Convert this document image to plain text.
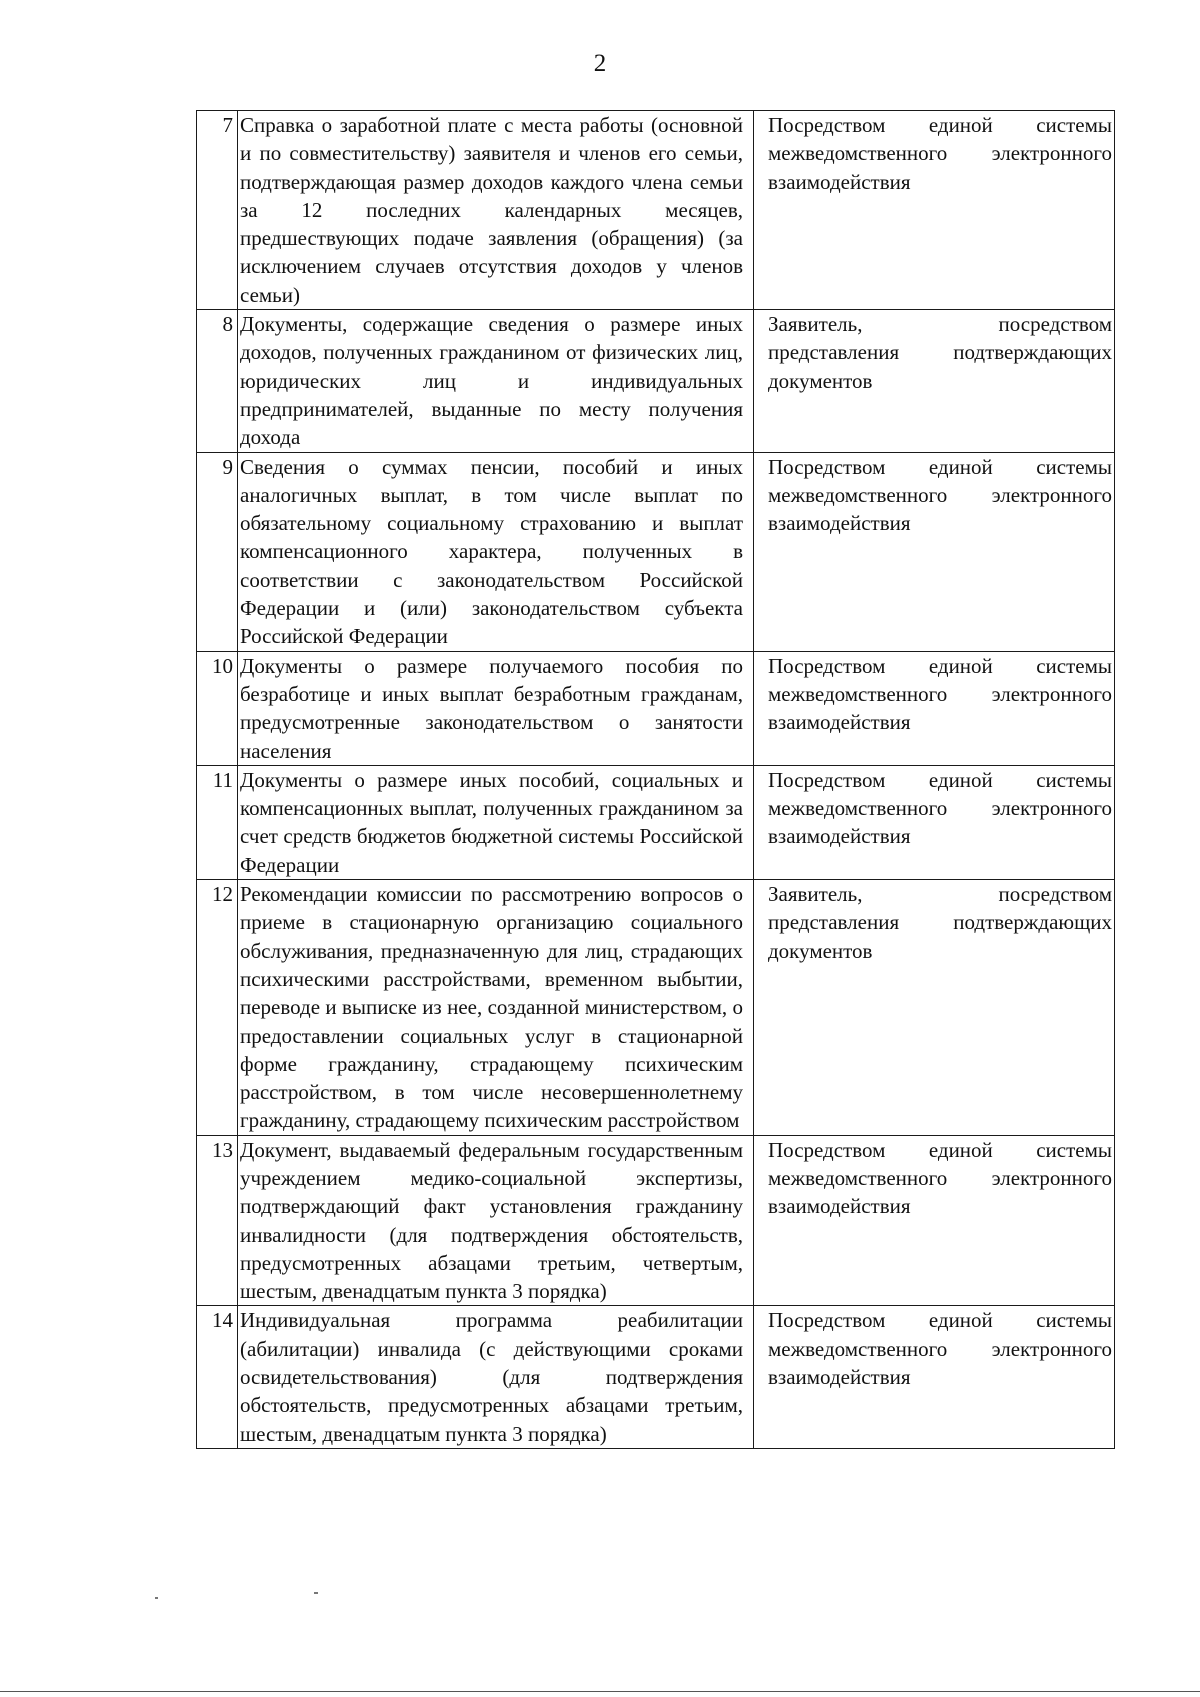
2
7	Справка о заработной плате с места работы (основной и по совместительству) заявителя и членов его семьи, подтверждающая размер доходов каждого члена семьи за 12 последних календарных месяцев, предшествующих подаче заявления (обращения) (за исключением случаев отсутствия доходов у членов семьи)	Посредством единой системы межведомственного электронного взаимодействия
8	Документы, содержащие сведения о размере иных доходов, полученных гражданином от физических лиц, юридических лиц и индивидуальных предпринимателей, выданные по месту получения дохода	Заявитель, посредством представления подтверждающих документов
9	Сведения о суммах пенсии, пособий и иных аналогичных выплат, в том числе выплат по обязательному социальному страхованию и выплат компенсационного характера, полученных в соответствии с законодательством Российской Федерации и (или) законодательством субъекта Российской Федерации	Посредством единой системы межведомственного электронного взаимодействия
10	Документы о размере получаемого пособия по безработице и иных выплат безработным гражданам, предусмотренные законодательством о занятости населения	Посредством единой системы межведомственного электронного взаимодействия
11	Документы о размере иных пособий, социальных и компенсационных выплат, полученных гражданином за счет средств бюджетов бюджетной системы Российской Федерации	Посредством единой системы межведомственного электронного взаимодействия
12	Рекомендации комиссии по рассмотрению вопросов о приеме в стационарную организацию социального обслуживания, предназначенную для лиц, страдающих психическими расстройствами, временном выбытии, переводе и выписке из нее, созданной министерством, о предоставлении социальных услуг в стационарной форме гражданину, страдающему психическим расстройством, в том числе несовершеннолетнему гражданину, страдающему психическим расстройством	Заявитель, посредством представления подтверждающих документов
13	Документ, выдаваемый федеральным государственным учреждением медико-социальной экспертизы, подтверждающий факт установления гражданину инвалидности (для подтверждения обстоятельств, предусмотренных абзацами третьим, четвертым, шестым, двенадцатым пункта 3 порядка)	Посредством единой системы межведомственного электронного взаимодействия
14	Индивидуальная программа реабилитации (абилитации) инвалида (с действующими сроками освидетельствования) (для подтверждения обстоятельств, предусмотренных абзацами третьим, шестым, двенадцатым пункта 3 порядка)	Посредством единой системы межведомственного электронного взаимодействия
